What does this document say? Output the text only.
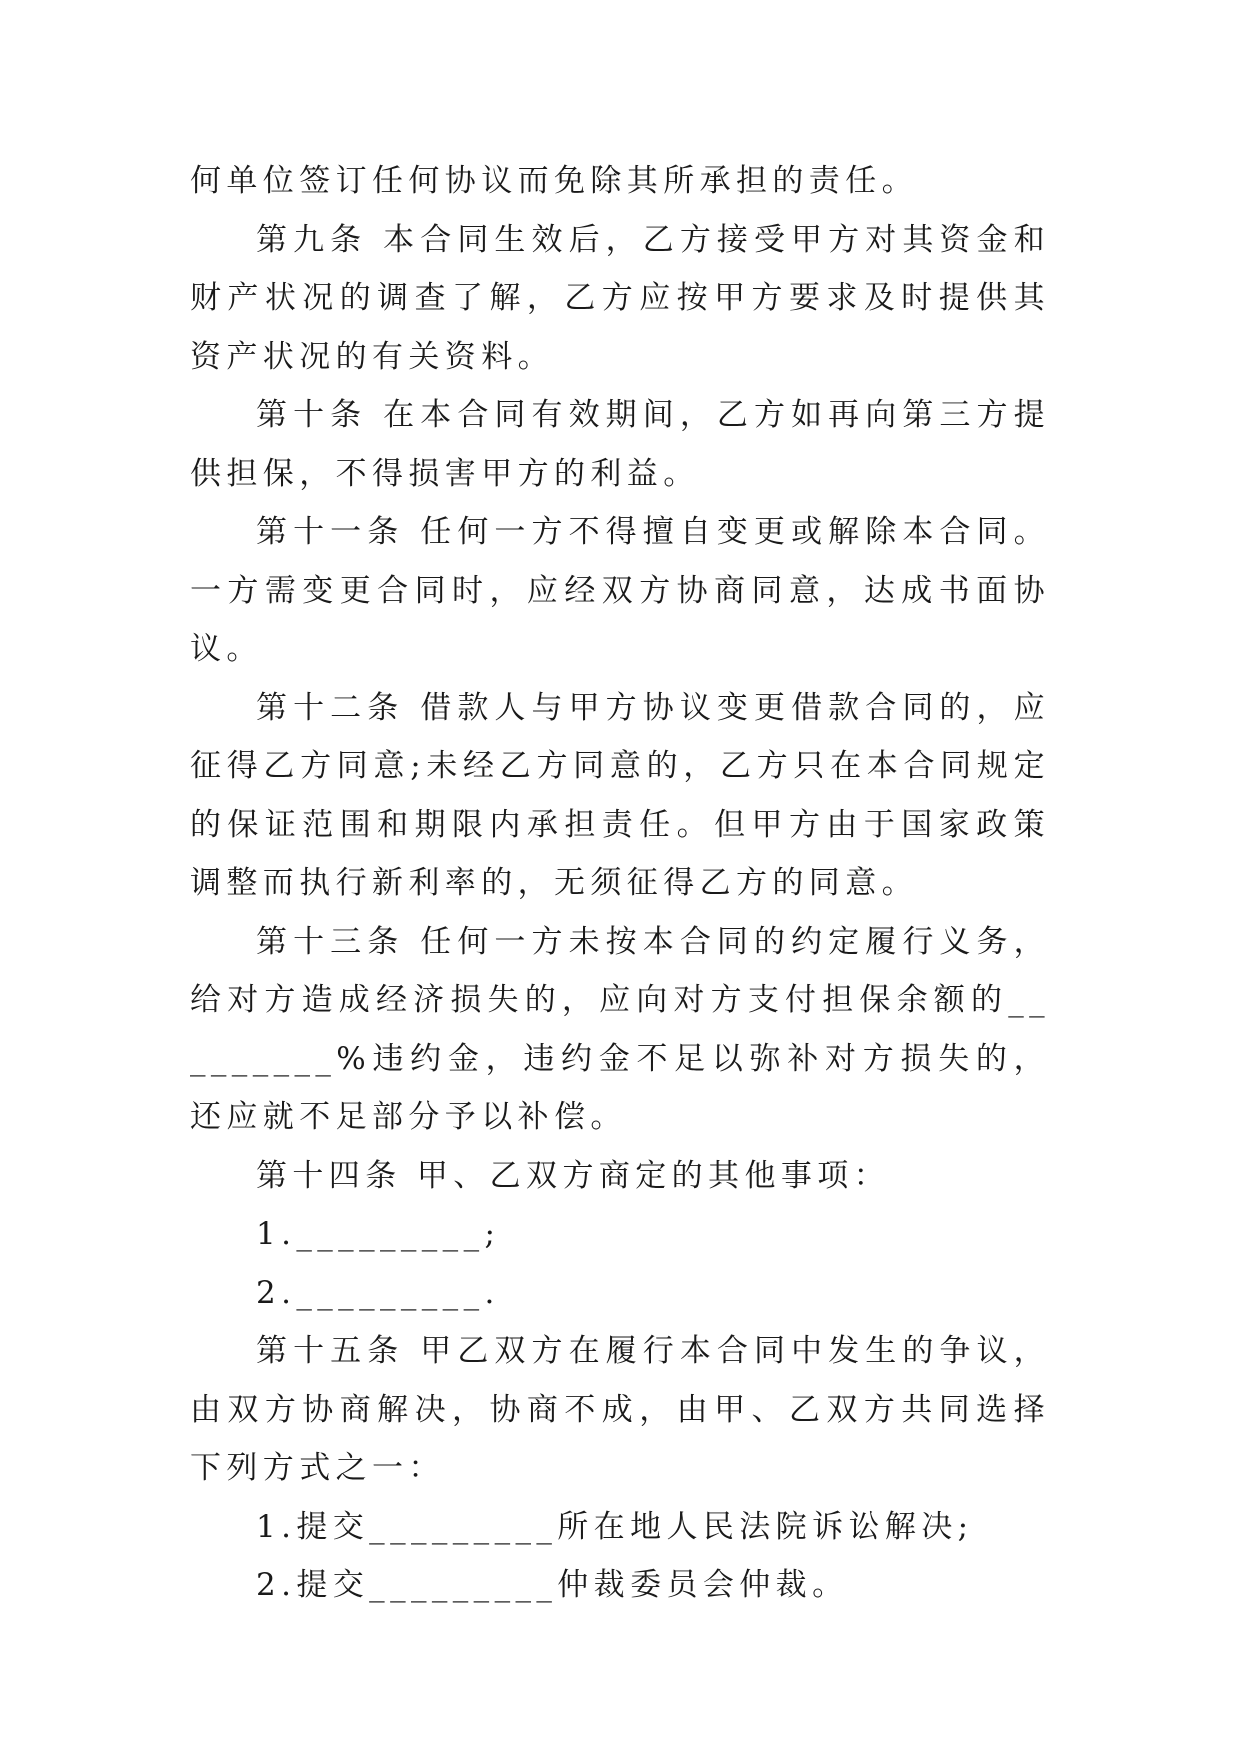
何单位签订任何协议而免除其所承担的责任。

第九条 本合同生效后，乙方接受甲方对其资金和财产状况的调查了解，乙方应按甲方要求及时提供其资产状况的有关资料。

第十条 在本合同有效期间，乙方如再向第三方提供担保，不得损害甲方的利益。

第十一条 任何一方不得擅自变更或解除本合同。一方需变更合同时，应经双方协商同意，达成书面协议。

第十二条 借款人与甲方协议变更借款合同的，应征得乙方同意;未经乙方同意的，乙方只在本合同规定的保证范围和期限内承担责任。但甲方由于国家政策调整而执行新利率的，无须征得乙方的同意。

第十三条 任何一方未按本合同的约定履行义务，给对方造成经济损失的，应向对方支付担保余额的_________%违约金，违约金不足以弥补对方损失的，还应就不足部分予以补偿。

第十四条 甲、乙双方商定的其他事项：

1._________;

2._________.

第十五条 甲乙双方在履行本合同中发生的争议，由双方协商解决，协商不成，由甲、乙双方共同选择下列方式之一：

1.提交_________所在地人民法院诉讼解决;

2.提交_________仲裁委员会仲裁。
